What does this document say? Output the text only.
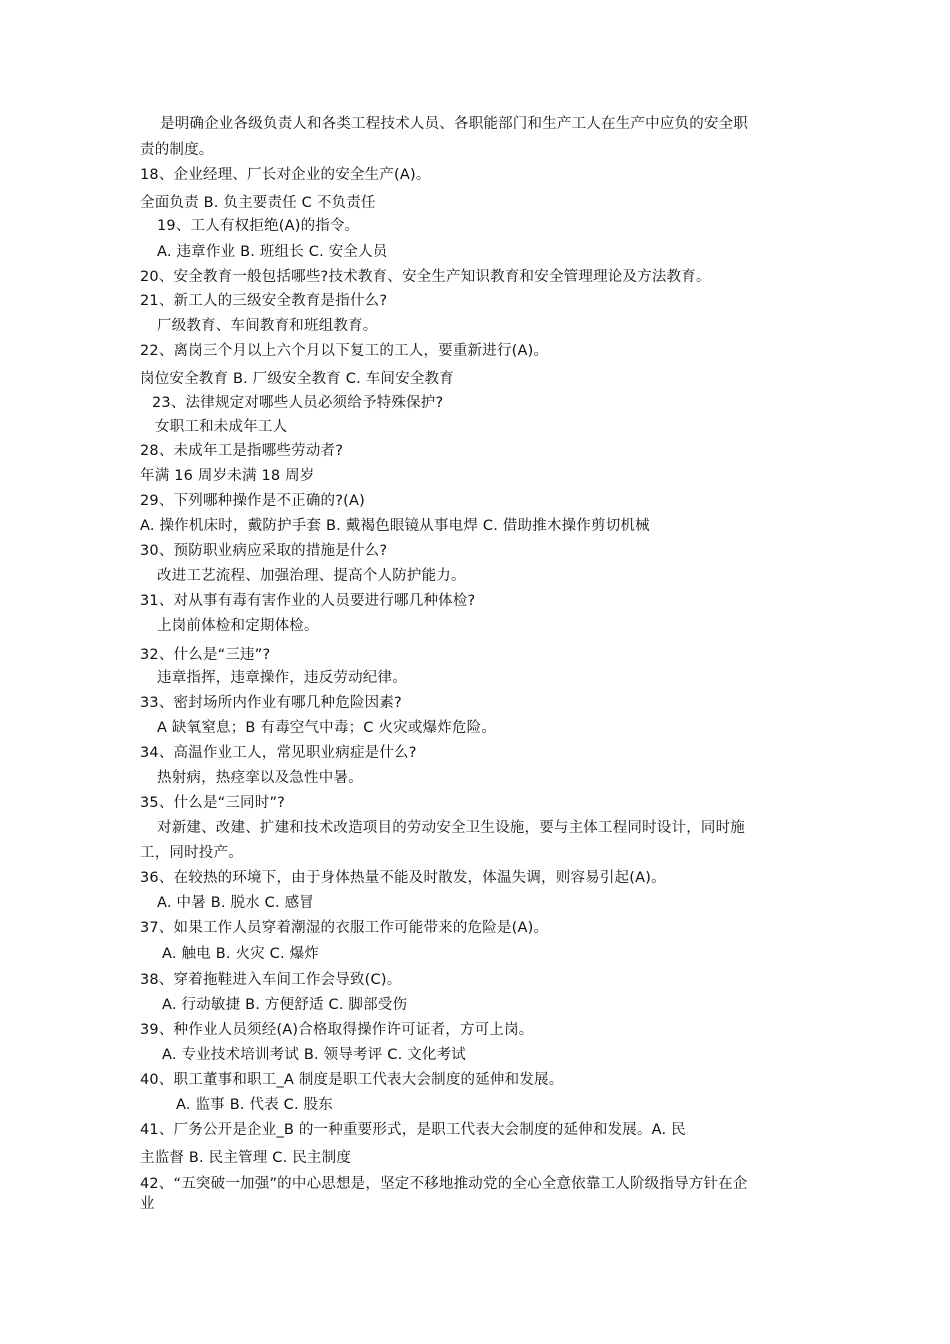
是明确企业各级负责人和各类工程技术人员、各职能部门和生产工人在生产中应负的安全职
责的制度。
18、企业经理、厂长对企业的安全生产(A)。
全面负责 B. 负主要责任 C 不负责任
19、工人有权拒绝(A)的指令。
A. 违章作业 B. 班组长 C. 安全人员
20、安全教育一般包括哪些?技术教育、安全生产知识教育和安全管理理论及方法教育。
21、新工人的三级安全教育是指什么?
厂级教育、车间教育和班组教育。
22、离岗三个月以上六个月以下复工的工人，要重新进行(A)。
岗位安全教育 B. 厂级安全教育 C. 车间安全教育
23、法律规定对哪些人员必须给予特殊保护?
女职工和未成年工人
28、未成年工是指哪些劳动者?
年满 16 周岁未满 18 周岁
29、下列哪种操作是不正确的?(A)
A. 操作机床时，戴防护手套 B. 戴褐色眼镜从事电焊 C. 借助推木操作剪切机械
30、预防职业病应采取的措施是什么?
改进工艺流程、加强治理、提高个人防护能力。
31、对从事有毒有害作业的人员要进行哪几种体检?
上岗前体检和定期体检。
32、什么是“三违”?
违章指挥，违章操作，违反劳动纪律。
33、密封场所内作业有哪几种危险因素?
A 缺氧窒息；B 有毒空气中毒；C 火灾或爆炸危险。
34、高温作业工人，常见职业病症是什么?
热射病，热痉挛以及急性中暑。
35、什么是“三同时”?
对新建、改建、扩建和技术改造项目的劳动安全卫生设施，要与主体工程同时设计，同时施
工，同时投产。
36、在较热的环境下，由于身体热量不能及时散发，体温失调，则容易引起(A)。
A. 中暑 B. 脱水 C. 感冒
37、如果工作人员穿着潮湿的衣服工作可能带来的危险是(A)。
A. 触电 B. 火灾 C. 爆炸
38、穿着拖鞋进入车间工作会导致(C)。
A. 行动敏捷 B. 方便舒适 C. 脚部受伤
39、种作业人员须经(A)合格取得操作许可证者，方可上岗。
A. 专业技术培训考试 B. 领导考评 C. 文化考试
40、职工董事和职工_A 制度是职工代表大会制度的延伸和发展。
A. 监事 B. 代表 C. 股东
41、厂务公开是企业_B 的一种重要形式，是职工代表大会制度的延伸和发展。A. 民
主监督 B. 民主管理 C. 民主制度
42、“五突破一加强”的中心思想是，坚定不移地推动党的全心全意依靠工人阶级指导方针在企
业
